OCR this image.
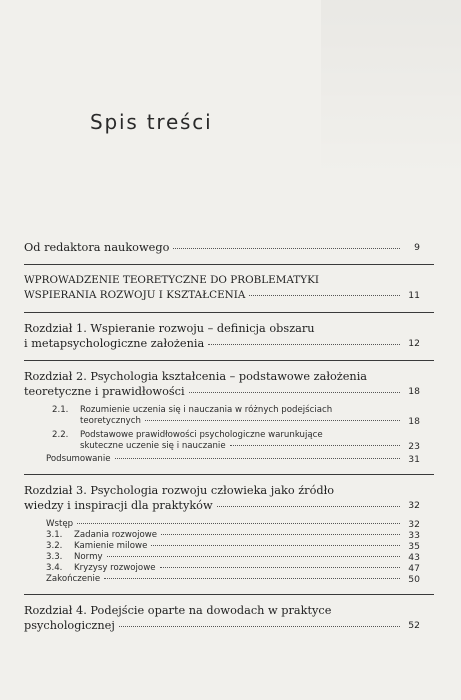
Spis treści
Od redaktora naukowego	9
WPROWADZENIE TEORETYCZNE DO PROBLEMATYKI
WSPIERANIA ROZWOJU I KSZTAŁCENIA	11
Rozdział 1. Wspieranie rozwoju – definicja obszaru
i metapsychologiczne założenia	12
Rozdział 2. Psychologia kształcenia – podstawowe założenia
teoretyczne i prawidłowości	18
2.1.	Rozumienie uczenia się i nauczania w różnych podejściach
teoretycznych	18
2.2.	Podstawowe prawidłowości psychologiczne warunkujące
skuteczne uczenie się i nauczanie	23
Podsumowanie	31
Rozdział 3. Psychologia rozwoju człowieka jako źródło
wiedzy i inspiracji dla praktyków	32
Wstęp	32
3.1.	Zadania rozwojowe	33
3.2.	Kamienie milowe	35
3.3.	Normy	43
3.4.	Kryzysy rozwojowe	47
Zakończenie	50
Rozdział 4. Podejście oparte na dowodach w praktyce
psychologicznej	52
